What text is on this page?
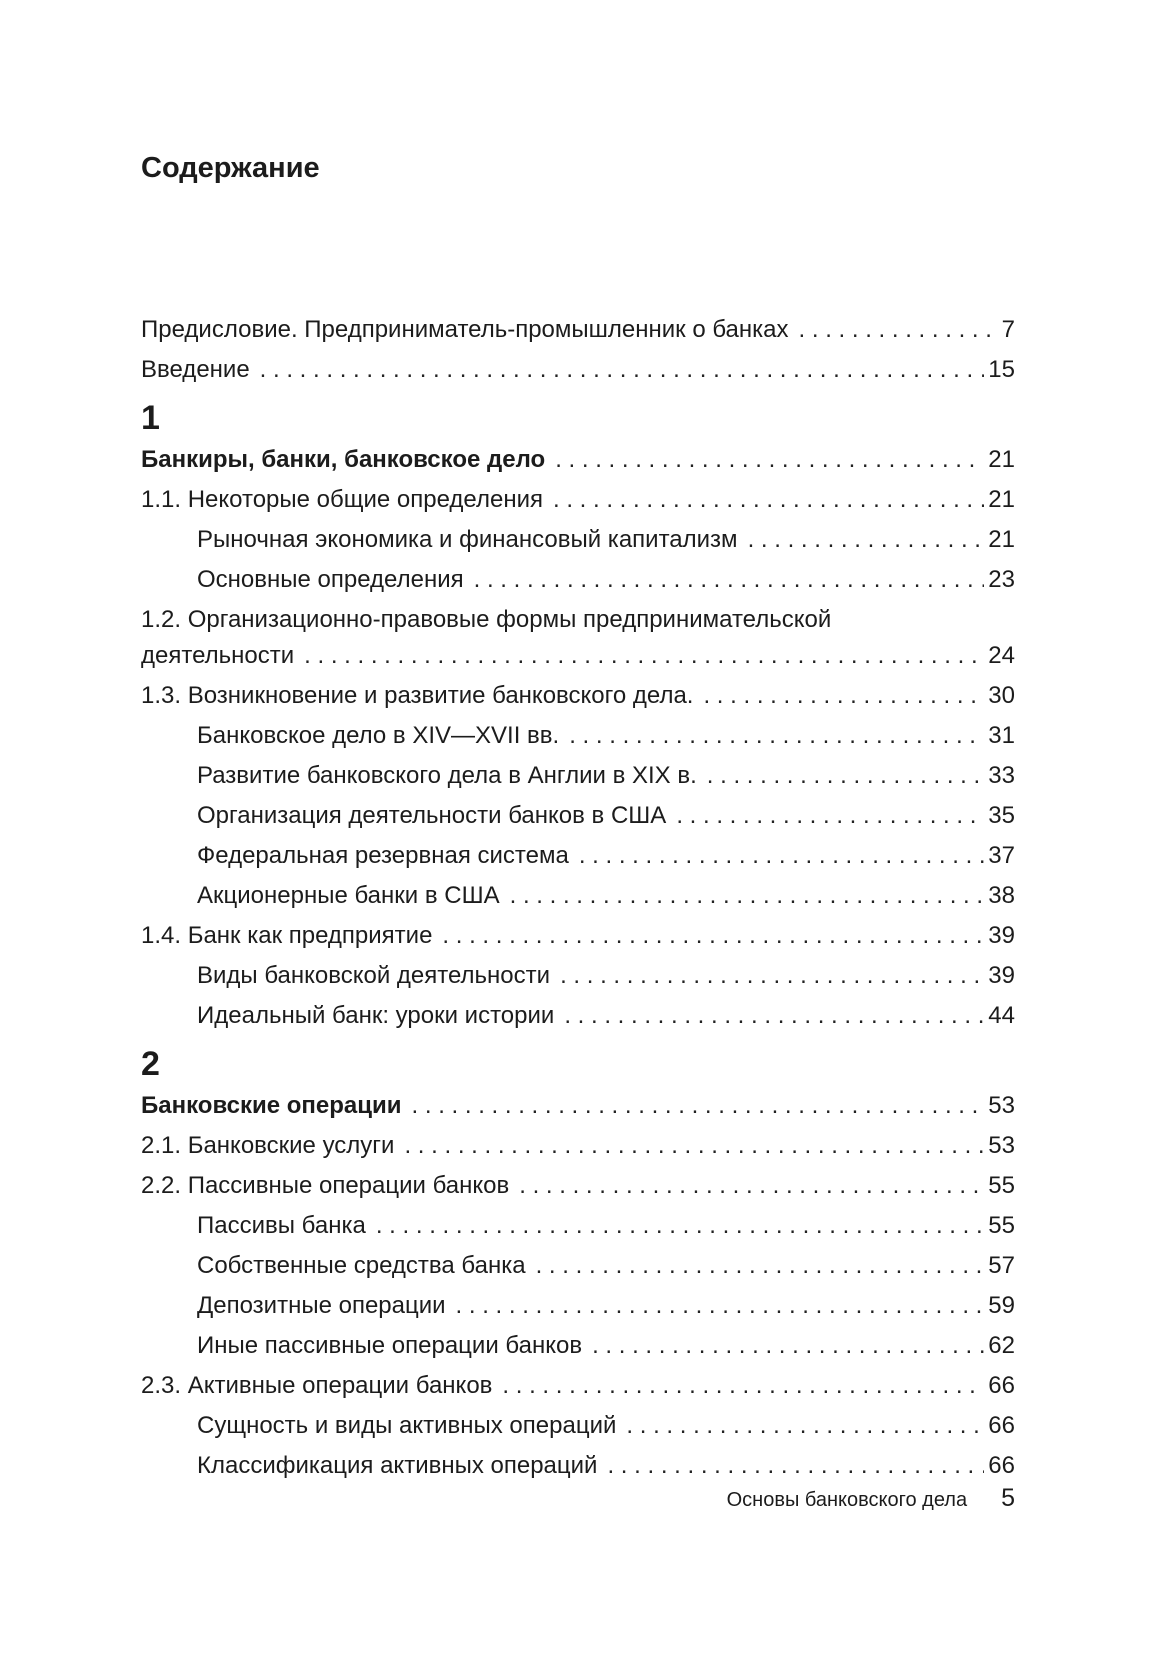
Содержание
Предисловие. Предприниматель-промышленник о банках . . .	7
Введение . . .	15
1
Банкиры, банки, банковское дело . . .	21
1.1. Некоторые общие определения . . .	21
Рыночная экономика и финансовый капитализм . . .	21
Основные определения . . .	23
1.2. Организационно-правовые формы предпринимательской
деятельности . . .	24
1.3. Возникновение и развитие банковского дела. . . .	30
Банковское дело в XIV—XVII вв. . . .	31
Развитие банковского дела в Англии в XIX в. . . .	33
Организация деятельности банков в США . . .	35
Федеральная резервная система . . .	37
Акционерные банки в США . . .	38
1.4. Банк как предприятие . . .	39
Виды банковской деятельности . . .	39
Идеальный банк: уроки истории . . .	44
2
Банковские операции . . .	53
2.1. Банковские услуги . . .	53
2.2. Пассивные операции банков . . .	55
Пассивы банка . . .	55
Собственные средства банка . . .	57
Депозитные операции . . .	59
Иные пассивные операции банков . . .	62
2.3. Активные операции банков . . .	66
Сущность и виды активных операций . . .	66
Классификация активных операций . . .	66
Основы банковского дела 5
